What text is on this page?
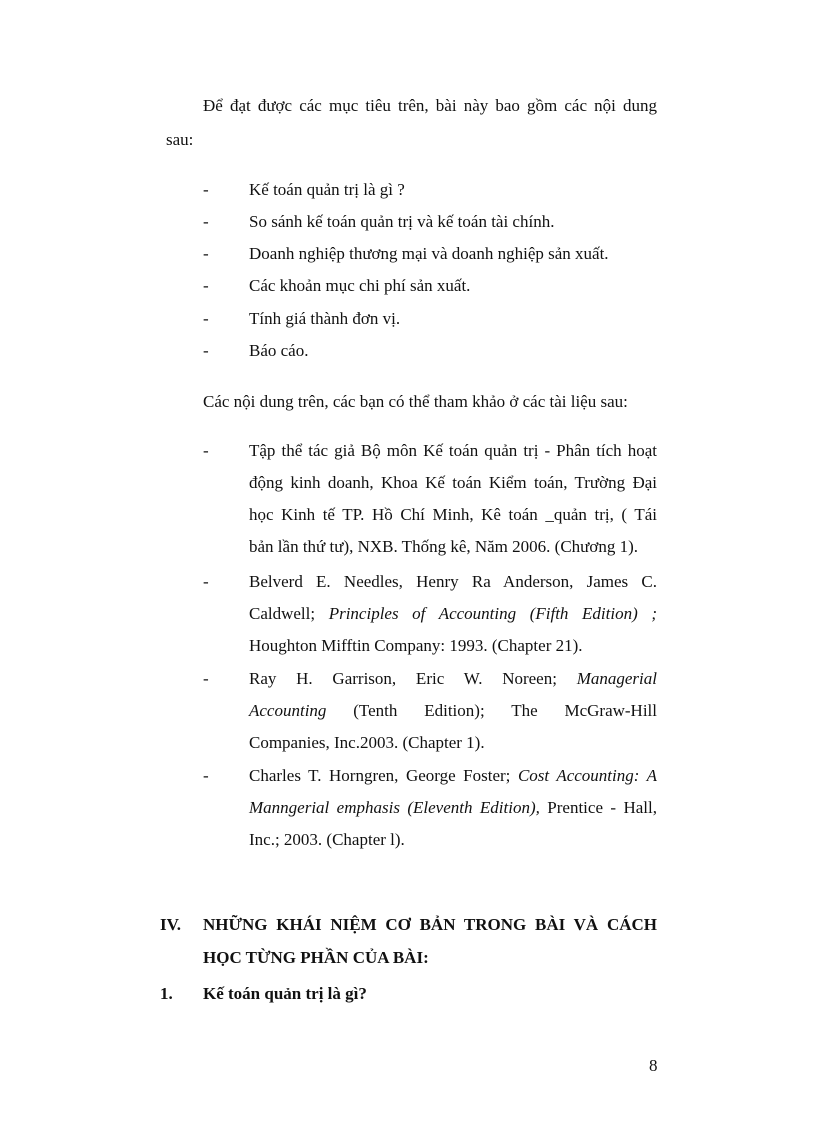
Để đạt được các mục tiêu trên, bài này bao gồm các nội dung
sau:
- Kế toán quản trị là gì ?
- So sánh kế toán quản trị và kế toán tài chính.
- Doanh nghiệp thương mại và doanh nghiệp sản xuất.
- Các khoản mục chi phí sản xuất.
- Tính giá thành đơn vị.
- Báo cáo.
Các nội dung trên, các bạn có thể tham khảo ở các tài liệu sau:
- Tập thể tác giả Bộ môn Kế toán quản trị - Phân tích hoạt
động kinh doanh, Khoa Kế toán Kiểm toán, Trường Đại
học Kinh tế TP. Hồ Chí Minh, Kê toán _quản trị, ( Tái
bản lần thứ tư), NXB. Thống kê, Năm 2006. (Chương 1).
- Belverd E. Needles, Henry Ra Anderson, James C.
Caldwell; Principles of Accounting (Fifth Edition) ;
Houghton Mifftin Company: 1993. (Chapter 21).
- Ray H. Garrison, Eric W. Noreen; Managerial
Accounting (Tenth Edition); The McGraw-Hill
Companies, Inc.2003. (Chapter 1).
- Charles T. Horngren, George Foster; Cost Accounting: A
Manngerial emphasis (Eleventh Edition), Prentice - Hall,
Inc.; 2003. (Chapter l).
IV. NHỮNG KHÁI NIỆM CƠ BẢN TRONG BÀI VÀ CÁCH
HỌC TỪNG PHẦN CỦA BÀI:
1. Kế toán quản trị là gì?
8
